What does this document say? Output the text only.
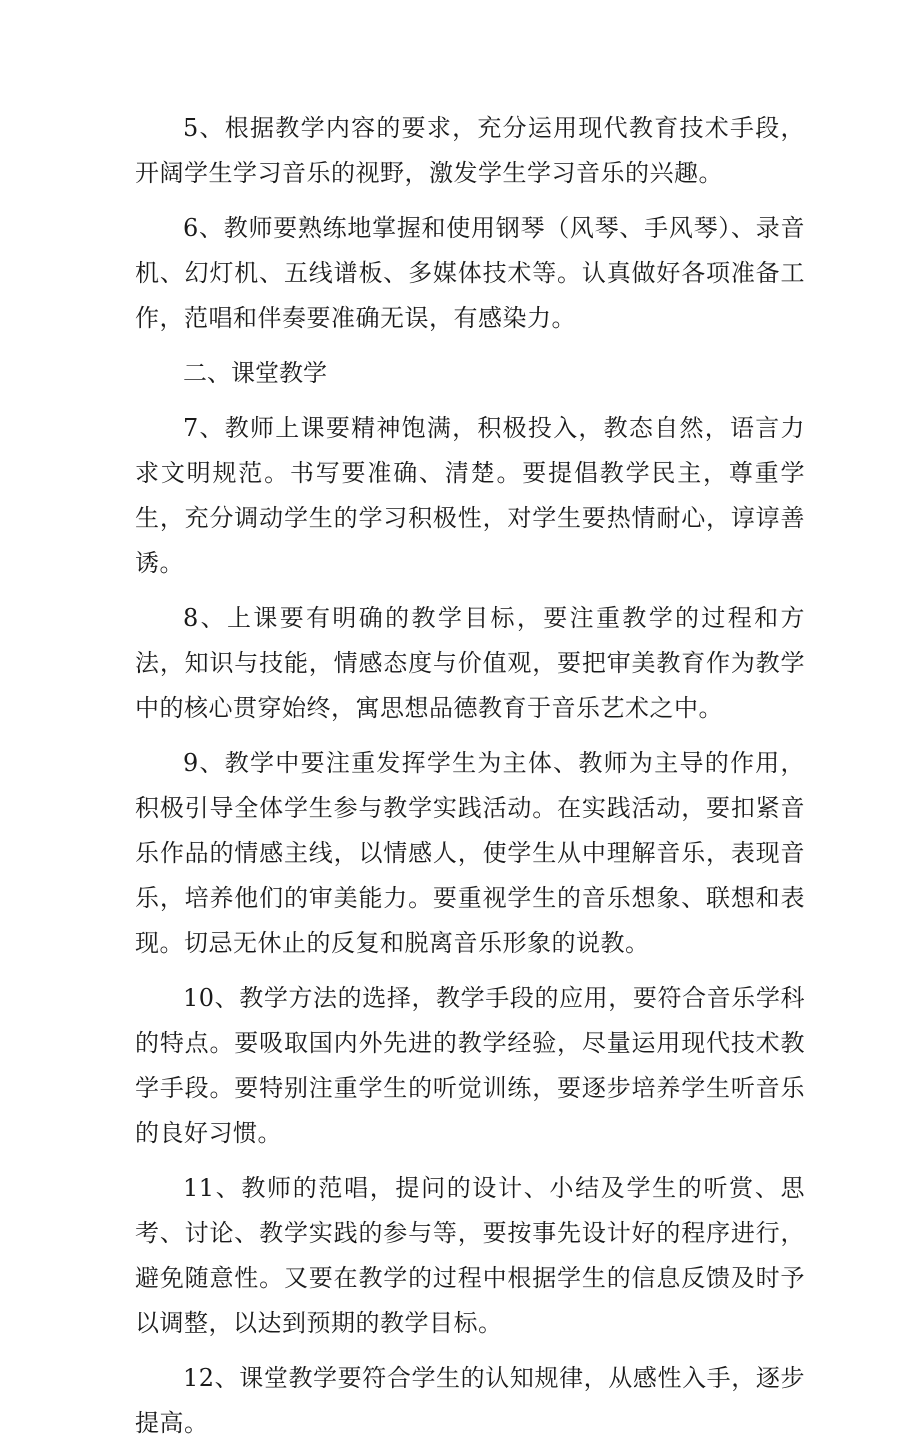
5、根据教学内容的要求，充分运用现代教育技术手段，开阔学生学习音乐的视野，激发学生学习音乐的兴趣。

6、教师要熟练地掌握和使用钢琴（风琴、手风琴）、录音机、幻灯机、五线谱板、多媒体技术等。认真做好各项准备工作，范唱和伴奏要准确无误，有感染力。

二、课堂教学

7、教师上课要精神饱满，积极投入，教态自然，语言力求文明规范。书写要准确、清楚。要提倡教学民主，尊重学生，充分调动学生的学习积极性，对学生要热情耐心，谆谆善诱。

8、上课要有明确的教学目标，要注重教学的过程和方法，知识与技能，情感态度与价值观，要把审美教育作为教学中的核心贯穿始终，寓思想品德教育于音乐艺术之中。

9、教学中要注重发挥学生为主体、教师为主导的作用，积极引导全体学生参与教学实践活动。在实践活动，要扣紧音乐作品的情感主线，以情感人，使学生从中理解音乐，表现音乐，培养他们的审美能力。要重视学生的音乐想象、联想和表现。切忌无休止的反复和脱离音乐形象的说教。

10、教学方法的选择，教学手段的应用，要符合音乐学科的特点。要吸取国内外先进的教学经验，尽量运用现代技术教学手段。要特别注重学生的听觉训练，要逐步培养学生听音乐的良好习惯。

11、教师的范唱，提问的设计、小结及学生的听赏、思考、讨论、教学实践的参与等，要按事先设计好的程序进行，避免随意性。又要在教学的过程中根据学生的信息反馈及时予以调整，以达到预期的教学目标。

12、课堂教学要符合学生的认知规律，从感性入手，逐步提高。
